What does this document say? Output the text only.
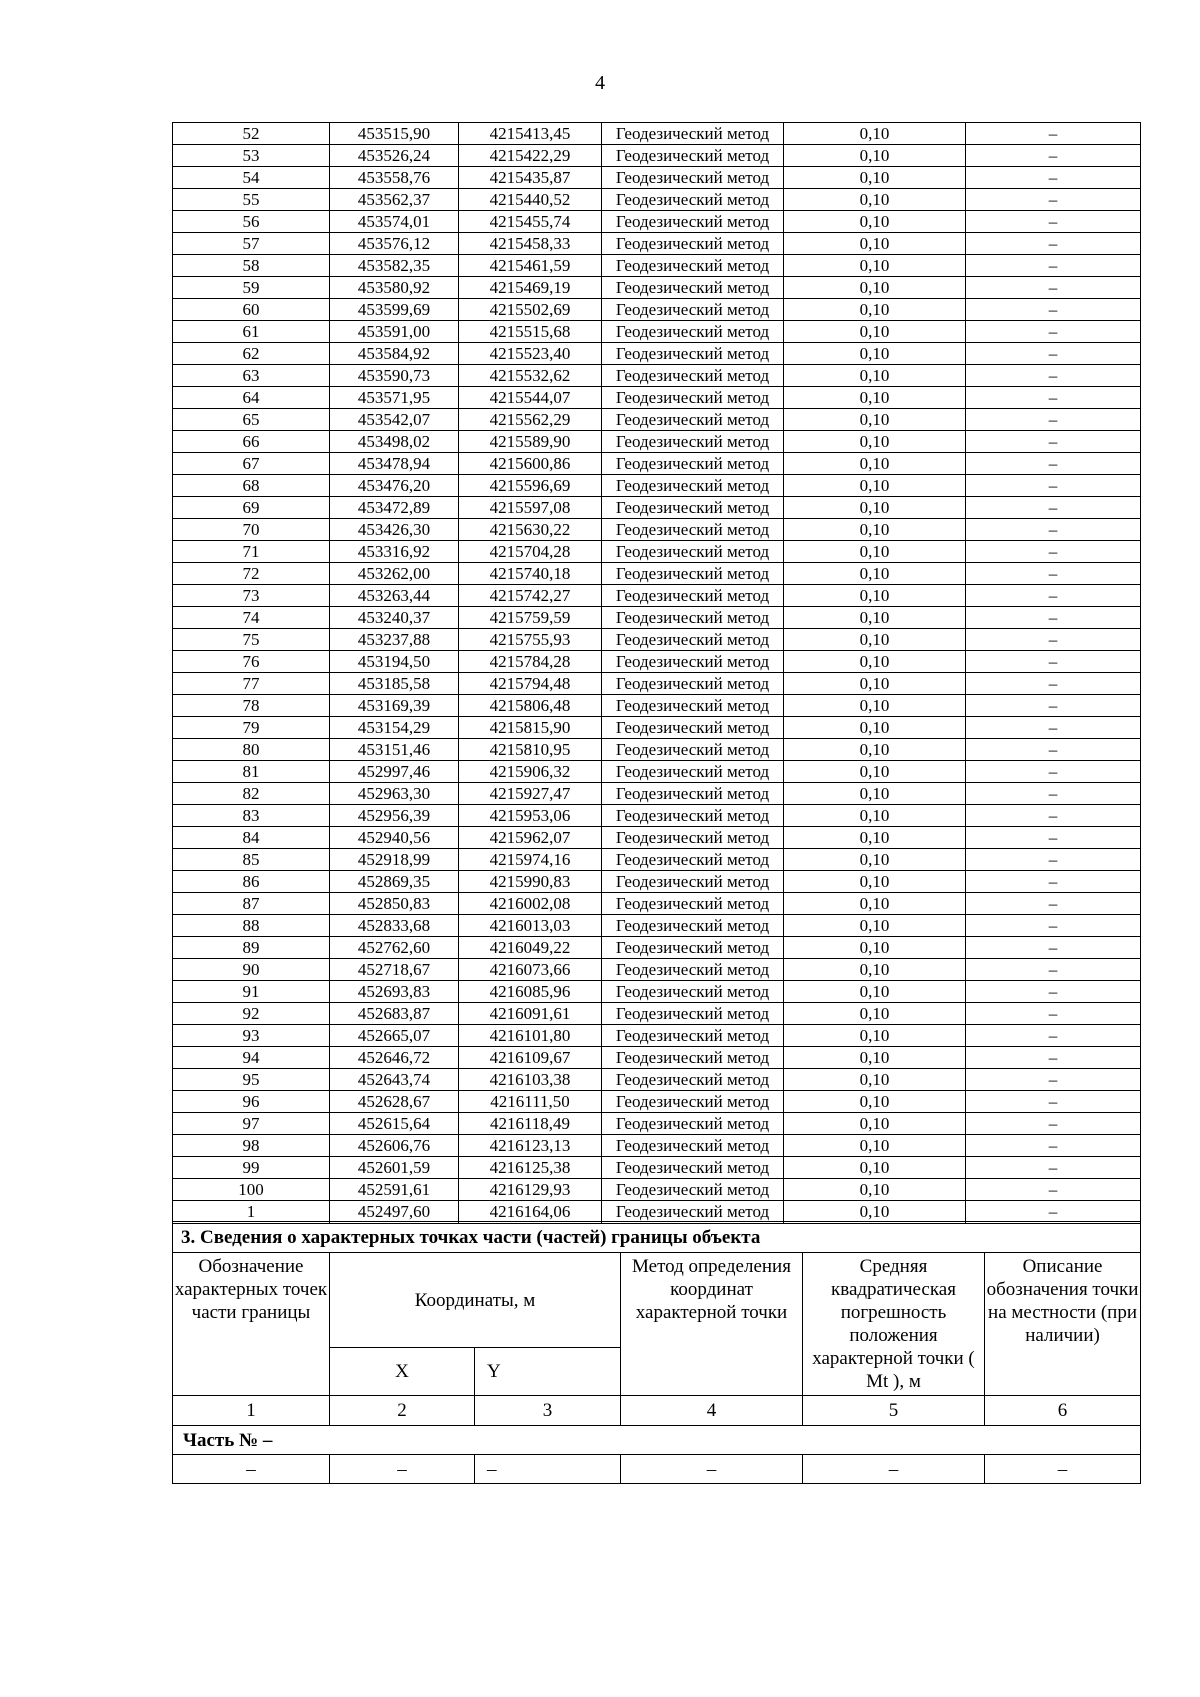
4
52	453515,90	4215413,45	Геодезический метод	0,10	–
53	453526,24	4215422,29	Геодезический метод	0,10	–
54	453558,76	4215435,87	Геодезический метод	0,10	–
55	453562,37	4215440,52	Геодезический метод	0,10	–
56	453574,01	4215455,74	Геодезический метод	0,10	–
57	453576,12	4215458,33	Геодезический метод	0,10	–
58	453582,35	4215461,59	Геодезический метод	0,10	–
59	453580,92	4215469,19	Геодезический метод	0,10	–
60	453599,69	4215502,69	Геодезический метод	0,10	–
61	453591,00	4215515,68	Геодезический метод	0,10	–
62	453584,92	4215523,40	Геодезический метод	0,10	–
63	453590,73	4215532,62	Геодезический метод	0,10	–
64	453571,95	4215544,07	Геодезический метод	0,10	–
65	453542,07	4215562,29	Геодезический метод	0,10	–
66	453498,02	4215589,90	Геодезический метод	0,10	–
67	453478,94	4215600,86	Геодезический метод	0,10	–
68	453476,20	4215596,69	Геодезический метод	0,10	–
69	453472,89	4215597,08	Геодезический метод	0,10	–
70	453426,30	4215630,22	Геодезический метод	0,10	–
71	453316,92	4215704,28	Геодезический метод	0,10	–
72	453262,00	4215740,18	Геодезический метод	0,10	–
73	453263,44	4215742,27	Геодезический метод	0,10	–
74	453240,37	4215759,59	Геодезический метод	0,10	–
75	453237,88	4215755,93	Геодезический метод	0,10	–
76	453194,50	4215784,28	Геодезический метод	0,10	–
77	453185,58	4215794,48	Геодезический метод	0,10	–
78	453169,39	4215806,48	Геодезический метод	0,10	–
79	453154,29	4215815,90	Геодезический метод	0,10	–
80	453151,46	4215810,95	Геодезический метод	0,10	–
81	452997,46	4215906,32	Геодезический метод	0,10	–
82	452963,30	4215927,47	Геодезический метод	0,10	–
83	452956,39	4215953,06	Геодезический метод	0,10	–
84	452940,56	4215962,07	Геодезический метод	0,10	–
85	452918,99	4215974,16	Геодезический метод	0,10	–
86	452869,35	4215990,83	Геодезический метод	0,10	–
87	452850,83	4216002,08	Геодезический метод	0,10	–
88	452833,68	4216013,03	Геодезический метод	0,10	–
89	452762,60	4216049,22	Геодезический метод	0,10	–
90	452718,67	4216073,66	Геодезический метод	0,10	–
91	452693,83	4216085,96	Геодезический метод	0,10	–
92	452683,87	4216091,61	Геодезический метод	0,10	–
93	452665,07	4216101,80	Геодезический метод	0,10	–
94	452646,72	4216109,67	Геодезический метод	0,10	–
95	452643,74	4216103,38	Геодезический метод	0,10	–
96	452628,67	4216111,50	Геодезический метод	0,10	–
97	452615,64	4216118,49	Геодезический метод	0,10	–
98	452606,76	4216123,13	Геодезический метод	0,10	–
99	452601,59	4216125,38	Геодезический метод	0,10	–
100	452591,61	4216129,93	Геодезический метод	0,10	–
1	452497,60	4216164,06	Геодезический метод	0,10	–
3. Сведения о характерных точках части (частей) границы объекта					
Обозначение характерных точек части границы	Координаты, м		Метод определения координат характерной точки	Средняя квадратическая погрешность положения характерной точки ( Mt ), м	Описание обозначения точки на местности (при наличии)
	X	Y			
1	2	3	4	5	6
Часть № –					
–	–	–	–	–	–
